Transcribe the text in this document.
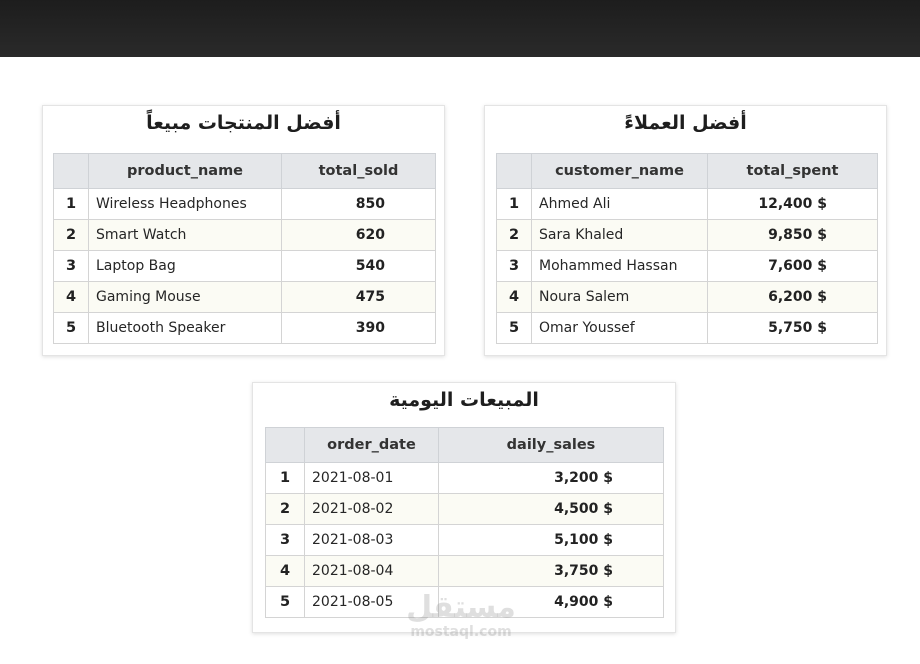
أفضل المنتجات مبيعاً
	product_name	total_sold
1	Wireless Headphones	850
2	Smart Watch	620
3	Laptop Bag	540
4	Gaming Mouse	475
5	Bluetooth Speaker	390
أفضل العملاءً
	customer_name	total_spent
1	Ahmed Ali	12,400 $
2	Sara Khaled	9,850 $
3	Mohammed Hassan	7,600 $
4	Noura Salem	6,200 $
5	Omar Youssef	5,750 $
المبيعات اليومية
	order_date	daily_sales
1	2021-08-01	3,200 $
2	2021-08-02	4,500 $
3	2021-08-03	5,100 $
4	2021-08-04	3,750 $
5	2021-08-05	4,900 $
مستقل
mostaql.com
